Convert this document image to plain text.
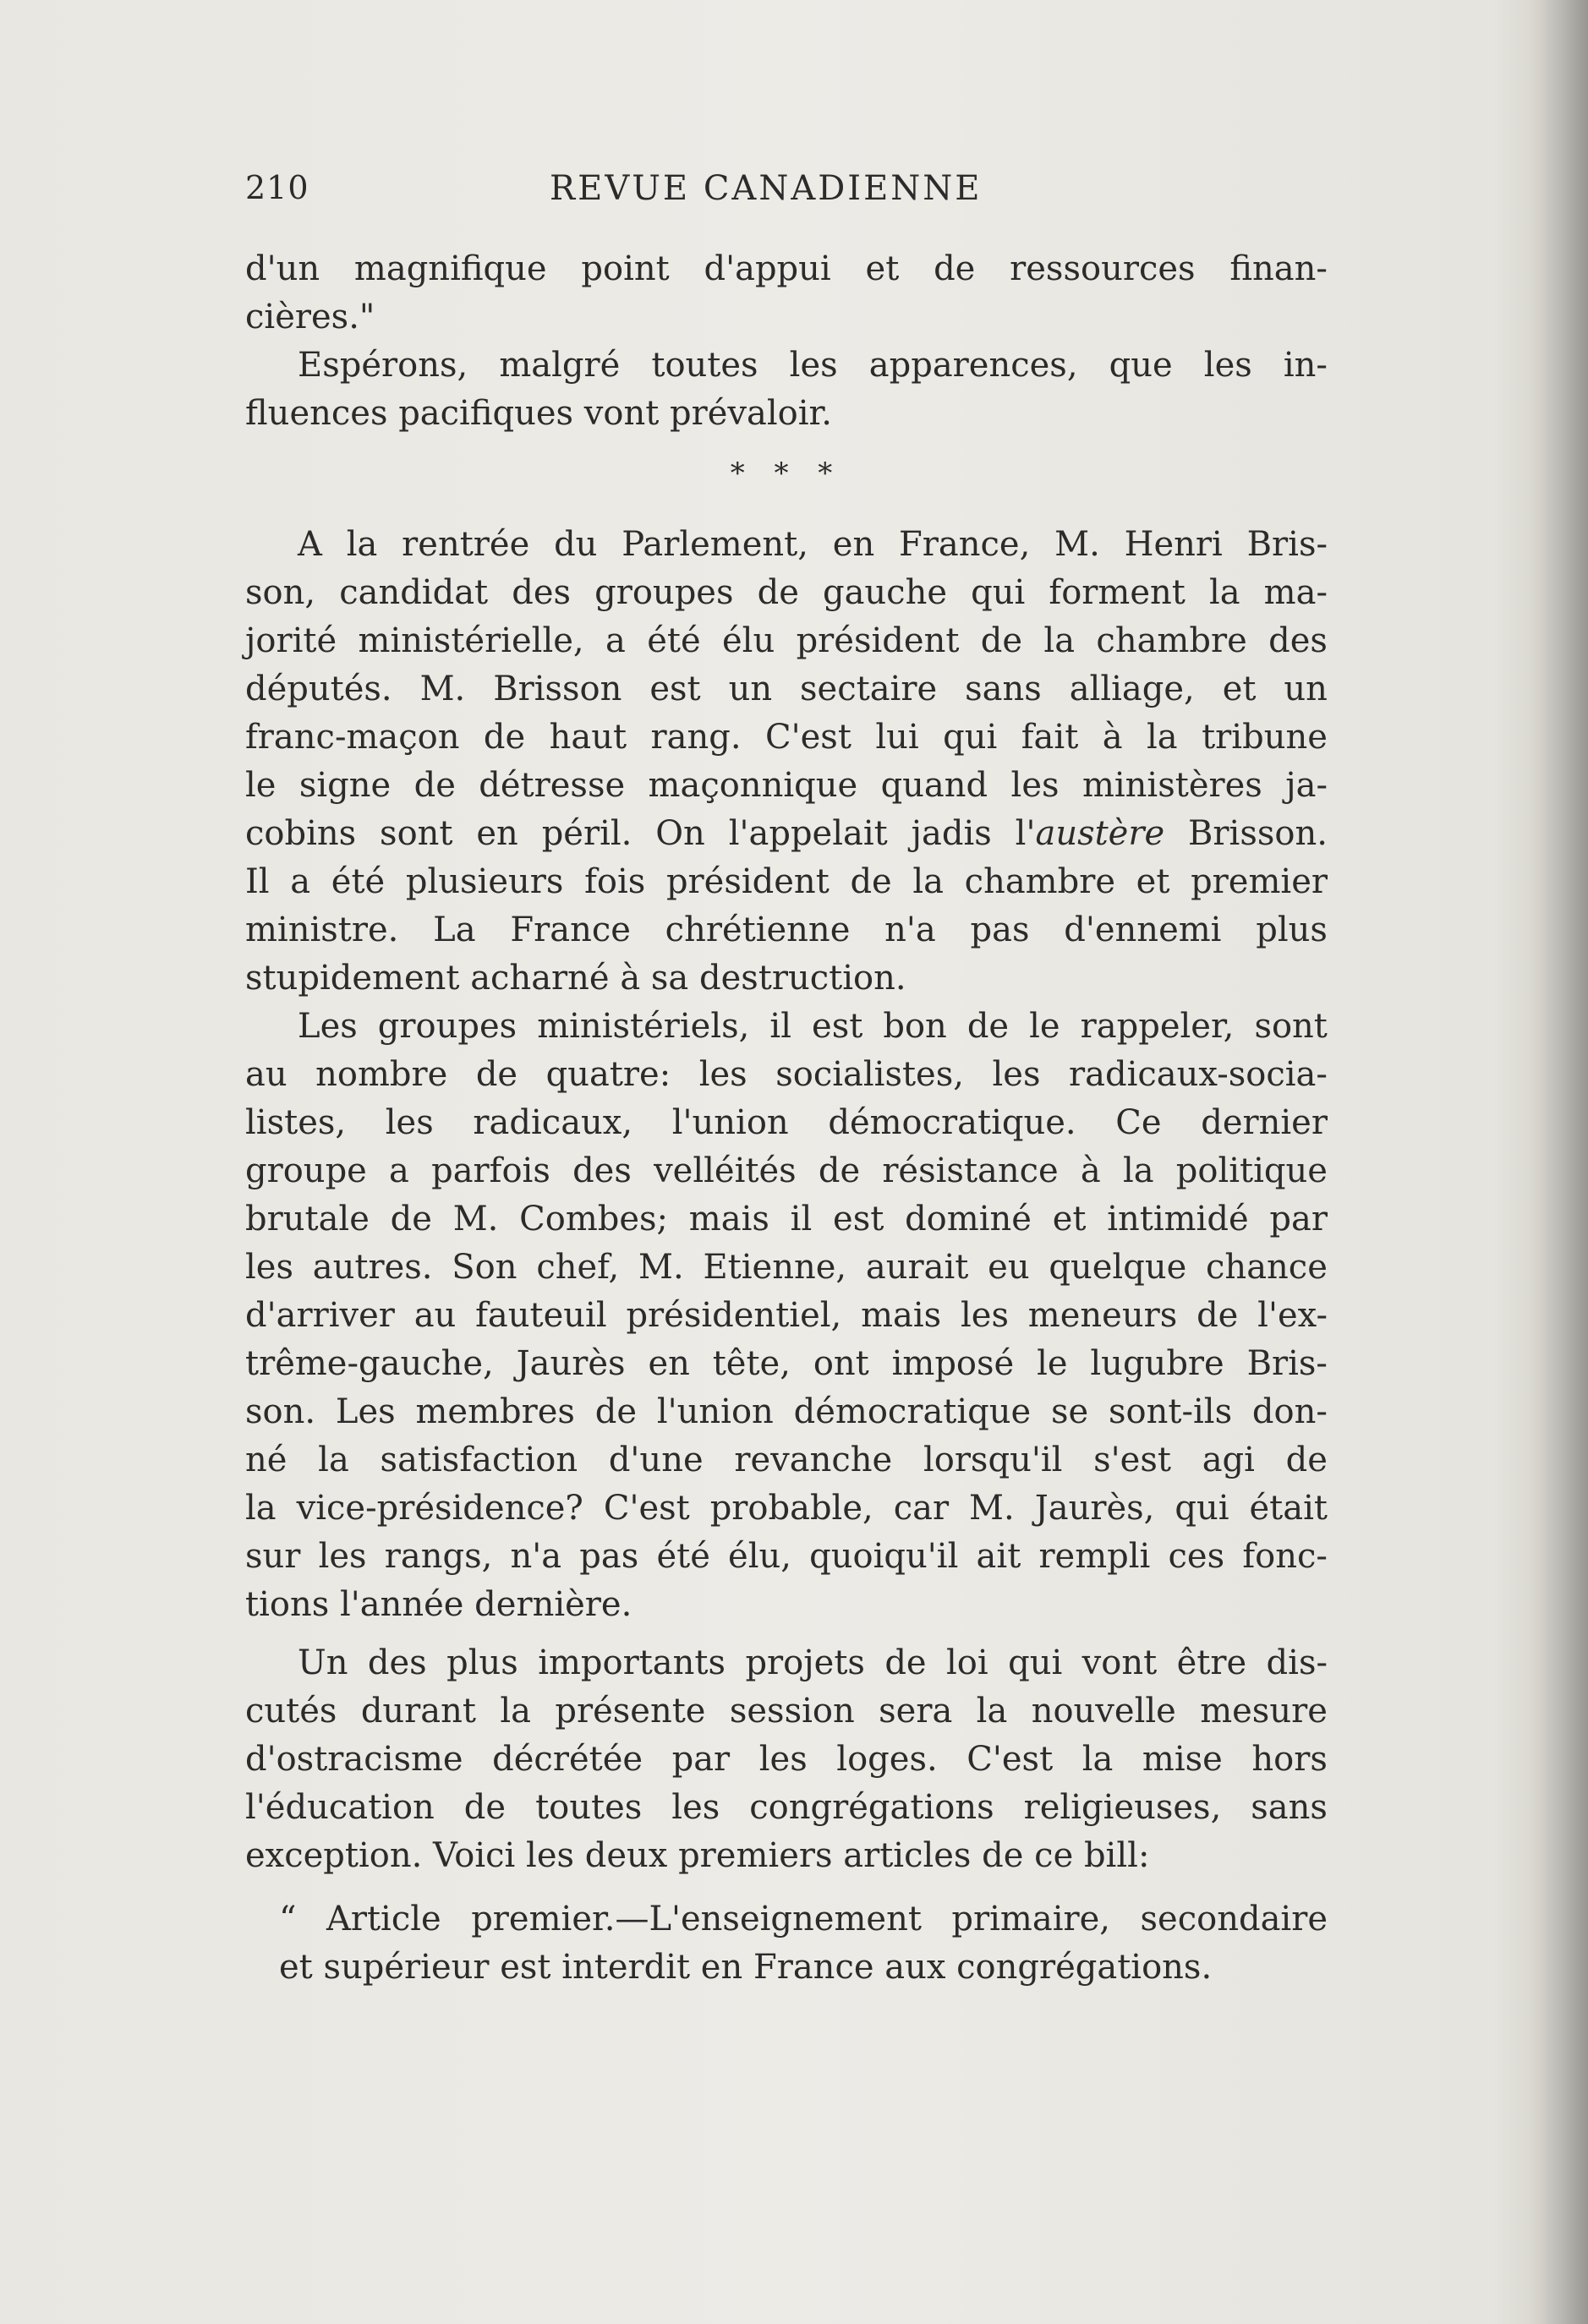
210	REVUE CANADIENNE
d'un magnifique point d'appui et de ressources finan-
cières."
Espérons, malgré toutes les apparences, que les in-
fluences pacifiques vont prévaloir.
* * *
A la rentrée du Parlement, en France, M. Henri Bris-
son, candidat des groupes de gauche qui forment la ma-
jorité ministérielle, a été élu président de la chambre des
députés. M. Brisson est un sectaire sans alliage, et un
franc-maçon de haut rang. C'est lui qui fait à la tribune
le signe de détresse maçonnique quand les ministères ja-
cobins sont en péril. On l'appelait jadis l'austère Brisson.
Il a été plusieurs fois président de la chambre et premier
ministre. La France chrétienne n'a pas d'ennemi plus
stupidement acharné à sa destruction.
Les groupes ministériels, il est bon de le rappeler, sont
au nombre de quatre: les socialistes, les radicaux-socia-
listes, les radicaux, l'union démocratique. Ce dernier
groupe a parfois des velléités de résistance à la politique
brutale de M. Combes; mais il est dominé et intimidé par
les autres. Son chef, M. Etienne, aurait eu quelque chance
d'arriver au fauteuil présidentiel, mais les meneurs de l'ex-
trême-gauche, Jaurès en tête, ont imposé le lugubre Bris-
son. Les membres de l'union démocratique se sont-ils don-
né la satisfaction d'une revanche lorsqu'il s'est agi de
la vice-présidence? C'est probable, car M. Jaurès, qui était
sur les rangs, n'a pas été élu, quoiqu'il ait rempli ces fonc-
tions l'année dernière.
Un des plus importants projets de loi qui vont être dis-
cutés durant la présente session sera la nouvelle mesure
d'ostracisme décrétée par les loges. C'est la mise hors
l'éducation de toutes les congrégations religieuses, sans
exception. Voici les deux premiers articles de ce bill:
“ Article premier.—L'enseignement primaire, secondaire
et supérieur est interdit en France aux congrégations.
